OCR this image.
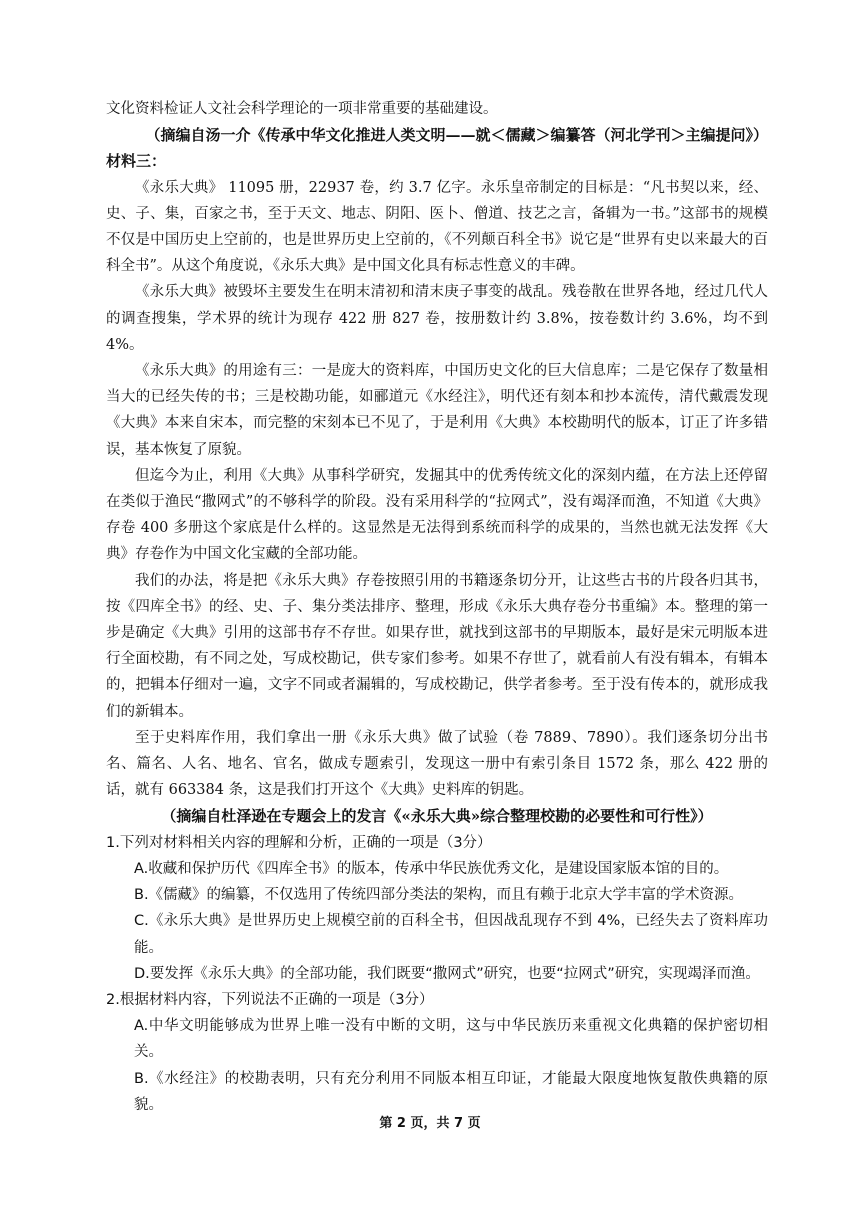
文化资料检证人文社会科学理论的一项非常重要的基础建设。

（摘编自汤一介《传承中华文化推进人类文明——就＜儒藏＞编纂答（河北学刊＞主编提问》）

材料三：

《永乐大典》 11095 册，22937 卷，约 3.7 亿字。永乐皇帝制定的目标是：“凡书契以来，经、史、子、集，百家之书，至于天文、地志、阴阳、医卜、僧道、技艺之言，备辑为一书。”这部书的规模不仅是中国历史上空前的，也是世界历史上空前的，《不列颠百科全书》说它是“世界有史以来最大的百科全书”。从这个角度说，《永乐大典》是中国文化具有标志性意义的丰碑。

《永乐大典》被毁坏主要发生在明末清初和清末庚子事变的战乱。残卷散在世界各地，经过几代人的调查搜集，学术界的统计为现存 422 册 827 卷，按册数计约 3.8%，按卷数计约 3.6%，均不到 4%。

《永乐大典》的用途有三：一是庞大的资料库，中国历史文化的巨大信息库；二是它保存了数量相当大的已经失传的书；三是校勘功能，如郦道元《水经注》，明代还有刻本和抄本流传，清代戴震发现《大典》本来自宋本，而完整的宋刻本已不见了，于是利用《大典》本校勘明代的版本，订正了许多错误，基本恢复了原貌。

但迄今为止，利用《大典》从事科学研究，发掘其中的优秀传统文化的深刻内蕴，在方法上还停留在类似于渔民“撒网式”的不够科学的阶段。没有采用科学的“拉网式”，没有竭泽而渔，不知道《大典》存卷 400 多册这个家底是什么样的。这显然是无法得到系统而科学的成果的，当然也就无法发挥《大典》存卷作为中国文化宝藏的全部功能。

我们的办法，将是把《永乐大典》存卷按照引用的书籍逐条切分开，让这些古书的片段各归其书，按《四库全书》的经、史、子、集分类法排序、整理，形成《永乐大典存卷分书重编》本。整理的第一步是确定《大典》引用的这部书存不存世。如果存世，就找到这部书的早期版本，最好是宋元明版本进行全面校勘，有不同之处，写成校勘记，供专家们参考。如果不存世了，就看前人有没有辑本，有辑本的，把辑本仔细对一遍，文字不同或者漏辑的，写成校勘记，供学者参考。至于没有传本的，就形成我们的新辑本。

至于史料库作用，我们拿出一册《永乐大典》做了试验（卷 7889、7890）。我们逐条切分出书名、篇名、人名、地名、官名，做成专题索引，发现这一册中有索引条目 1572 条，那么 422 册的话，就有 663384 条，这是我们打开这个《大典》史料库的钥匙。

（摘编自杜泽逊在专题会上的发言《«永乐大典»综合整理校勘的必要性和可行性》）

1.下列对材料相关内容的理解和分析，正确的一项是（3分）

A.收藏和保护历代《四库全书》的版本，传承中华民族优秀文化，是建设国家版本馆的目的。

B.《儒藏》的编纂，不仅选用了传统四部分类法的架构，而且有赖于北京大学丰富的学术资源。

C.《永乐大典》是世界历史上规模空前的百科全书，但因战乱现存不到 4%，已经失去了资料库功能。

D.要发挥《永乐大典》的全部功能，我们既要“撒网式”研究，也要“拉网式”研究，实现竭泽而渔。

2.根据材料内容，下列说法不正确的一项是（3分）

A.中华文明能够成为世界上唯一没有中断的文明，这与中华民族历来重视文化典籍的保护密切相关。

B.《水经注》的校勘表明，只有充分利用不同版本相互印证，才能最大限度地恢复散佚典籍的原貌。

第 2 页，共 7 页
